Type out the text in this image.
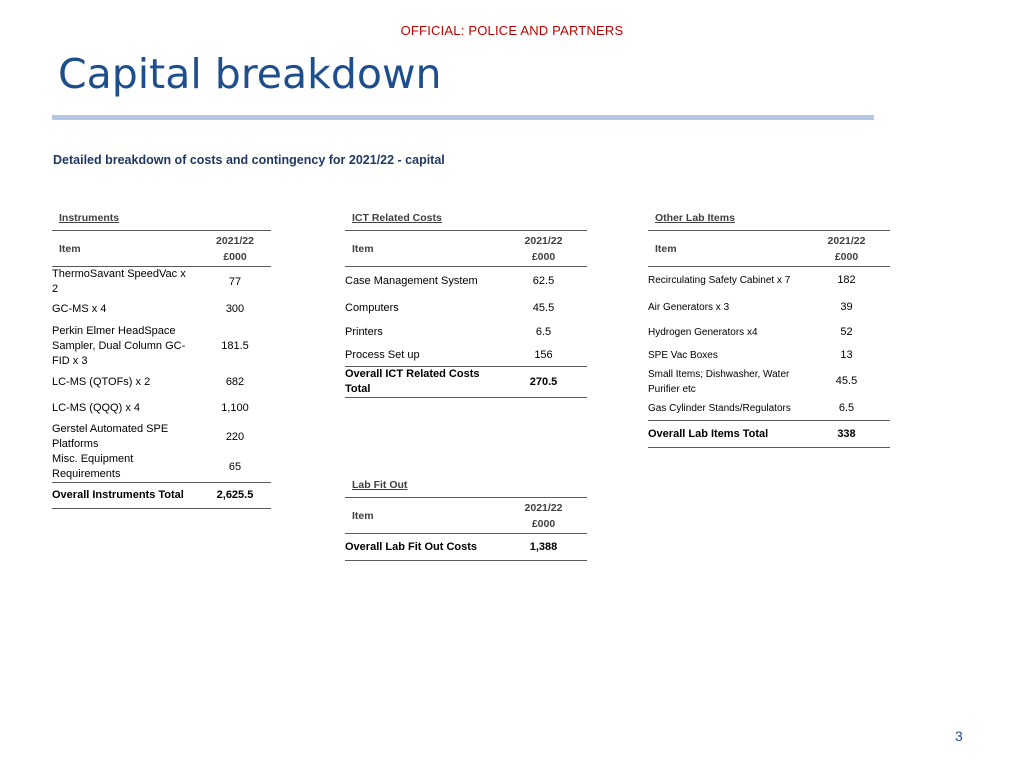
OFFICIAL: POLICE AND PARTNERS
Capital breakdown
Detailed breakdown of costs and contingency for 2021/22 - capital
Instruments
Item	2021/22
£000
ThermoSavant SpeedVac x 2	77
GC-MS x 4	300
Perkin Elmer HeadSpace Sampler, Dual Column GC-FID x 3	181.5
LC-MS (QTOFs) x 2	682
LC-MS (QQQ) x 4	1,100
Gerstel Automated SPE Platforms	220
Misc. Equipment Requirements	65
Overall Instruments Total	2,625.5
ICT Related Costs
Item	2021/22
£000
Case Management System	62.5
Computers	45.5
Printers	6.5
Process Set up	156
Overall ICT Related Costs Total	270.5
Lab Fit Out
Item	2021/22
£000
Overall Lab Fit Out Costs	1,388
Other Lab Items
Item	2021/22
£000
Recirculating Safety Cabinet x 7	182
Air Generators x 3	39
Hydrogen Generators x4	52
SPE Vac Boxes	13
Small Items; Dishwasher, Water Purifier etc	45.5
Gas Cylinder Stands/Regulators	6.5
Overall Lab Items Total	338
3
